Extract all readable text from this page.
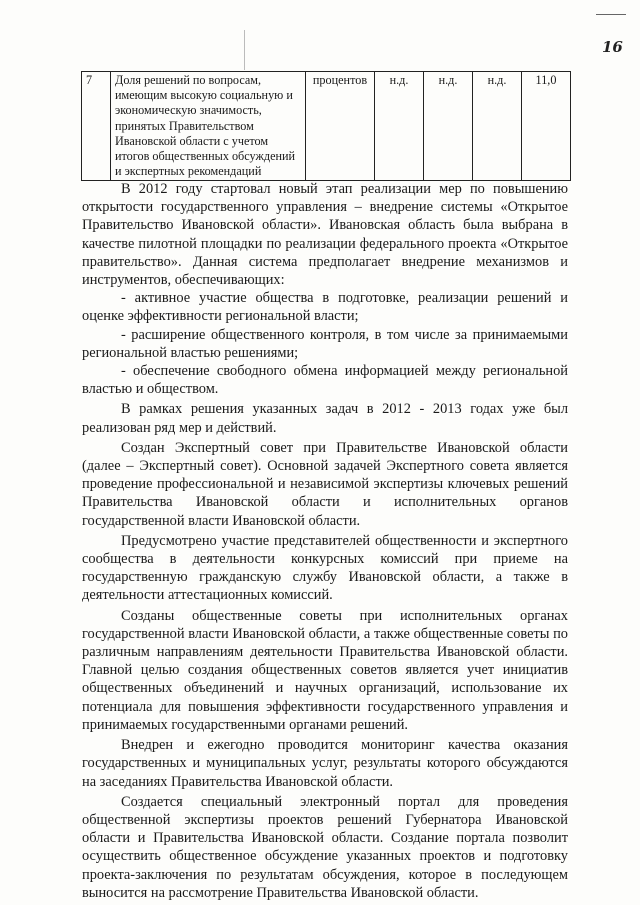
16
7	Доля решений по вопросам,
имеющим высокую социальную и
экономическую значимость,
принятых Правительством
Ивановской области с учетом
итогов общественных обсуждений
и экспертных рекомендаций
	процентов	н.д.	н.д.	н.д.	11,0

В 2012 году стартовал новый этап реализации мер по повышению открытости государственного управления – внедрение системы «Открытое Правительство Ивановской области». Ивановская область была выбрана в качестве пилотной площадки по реализации федерального проекта «Открытое правительство». Данная система предполагает внедрение механизмов и инструментов, обеспечивающих:

- активное участие общества в подготовке, реализации решений и оценке эффективности региональной власти;

- расширение общественного контроля, в том числе за принимаемыми региональной властью решениями;

- обеспечение свободного обмена информацией между региональной властью и обществом.

В рамках решения указанных задач в 2012 - 2013 годах уже был реализован ряд мер и действий.

Создан Экспертный совет при Правительстве Ивановской области (далее – Экспертный совет). Основной задачей Экспертного совета является проведение профессиональной и независимой экспертизы ключевых решений Правительства Ивановской области и исполнительных органов государственной власти Ивановской области.

Предусмотрено участие представителей общественности и экспертного сообщества в деятельности конкурсных комиссий при приеме на государственную гражданскую службу Ивановской области, а также в деятельности аттестационных комиссий.

Созданы общественные советы при исполнительных органах государственной власти Ивановской области, а также общественные советы по различным направлениям деятельности Правительства Ивановской области. Главной целью создания общественных советов является учет инициатив общественных объединений и научных организаций, использование их потенциала для повышения эффективности государственного управления и принимаемых государственными органами решений.

Внедрен и ежегодно проводится мониторинг качества оказания государственных и муниципальных услуг, результаты которого обсуждаются на заседаниях Правительства Ивановской области.

Создается специальный электронный портал для проведения общественной экспертизы проектов решений Губернатора Ивановской области и Правительства Ивановской области. Создание портала позволит осуществить общественное обсуждение указанных проектов и подготовку проекта-заключения по результатам обсуждения, которое в последующем выносится на рассмотрение Правительства Ивановской области.
